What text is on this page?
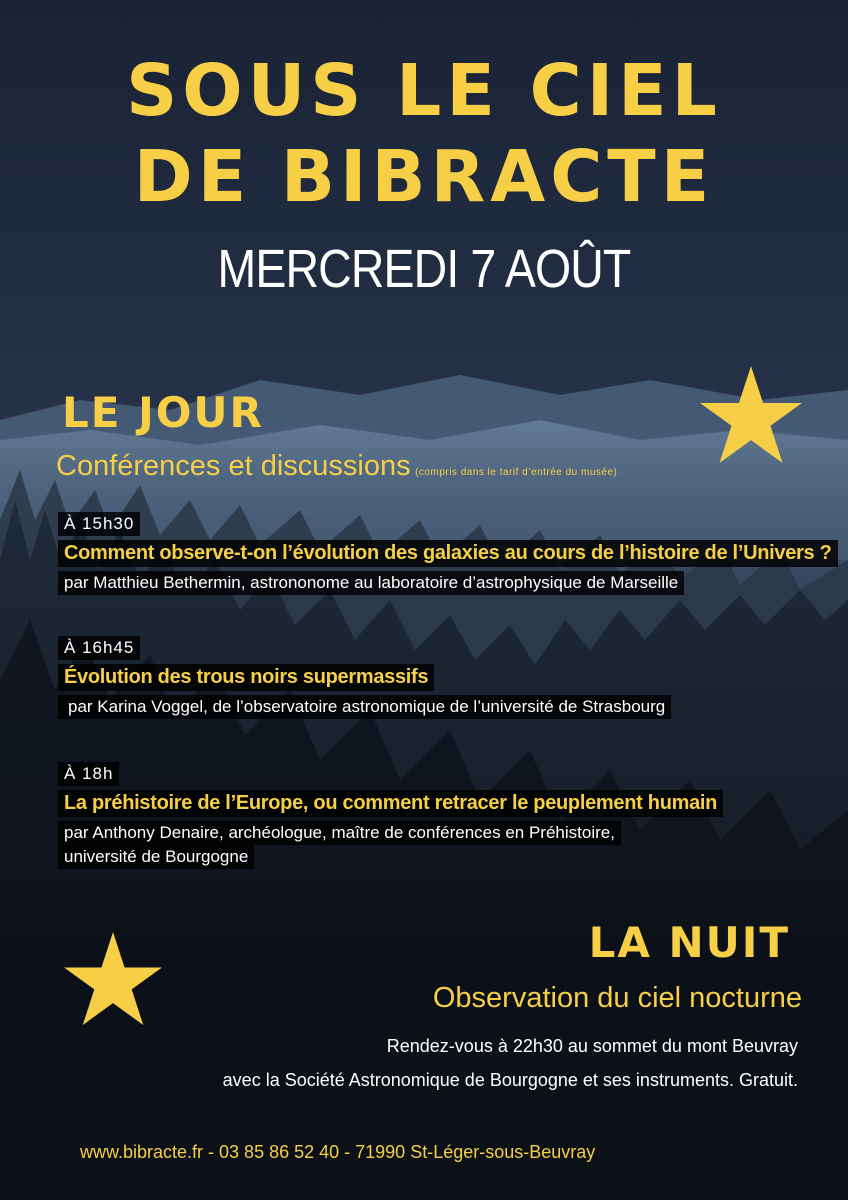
SOUS LE CIEL
DE BIBRACTE
MERCREDI 7 AOÛT
LE JOUR
Conférences et discussions (compris dans le tarif d’entrée du musée)
À 15h30
Comment observe-t-on l’évolution des galaxies au cours de l’histoire de l’Univers ?
par Matthieu Bethermin, astrononome au laboratoire d’astrophysique de Marseille
À 16h45
Évolution des trous noirs supermassifs
par Karina Voggel, de l’observatoire astronomique de l’université de Strasbourg
À 18h
La préhistoire de l’Europe, ou comment retracer le peuplement humain
par Anthony Denaire, archéologue, maître de conférences en Préhistoire,
université de Bourgogne
LA NUIT
Observation du ciel nocturne
Rendez-vous à 22h30 au sommet du mont Beuvray
avec la Société Astronomique de Bourgogne et ses instruments. Gratuit.
www.bibracte.fr - 03 85 86 52 40 - 71990 St-Léger-sous-Beuvray
